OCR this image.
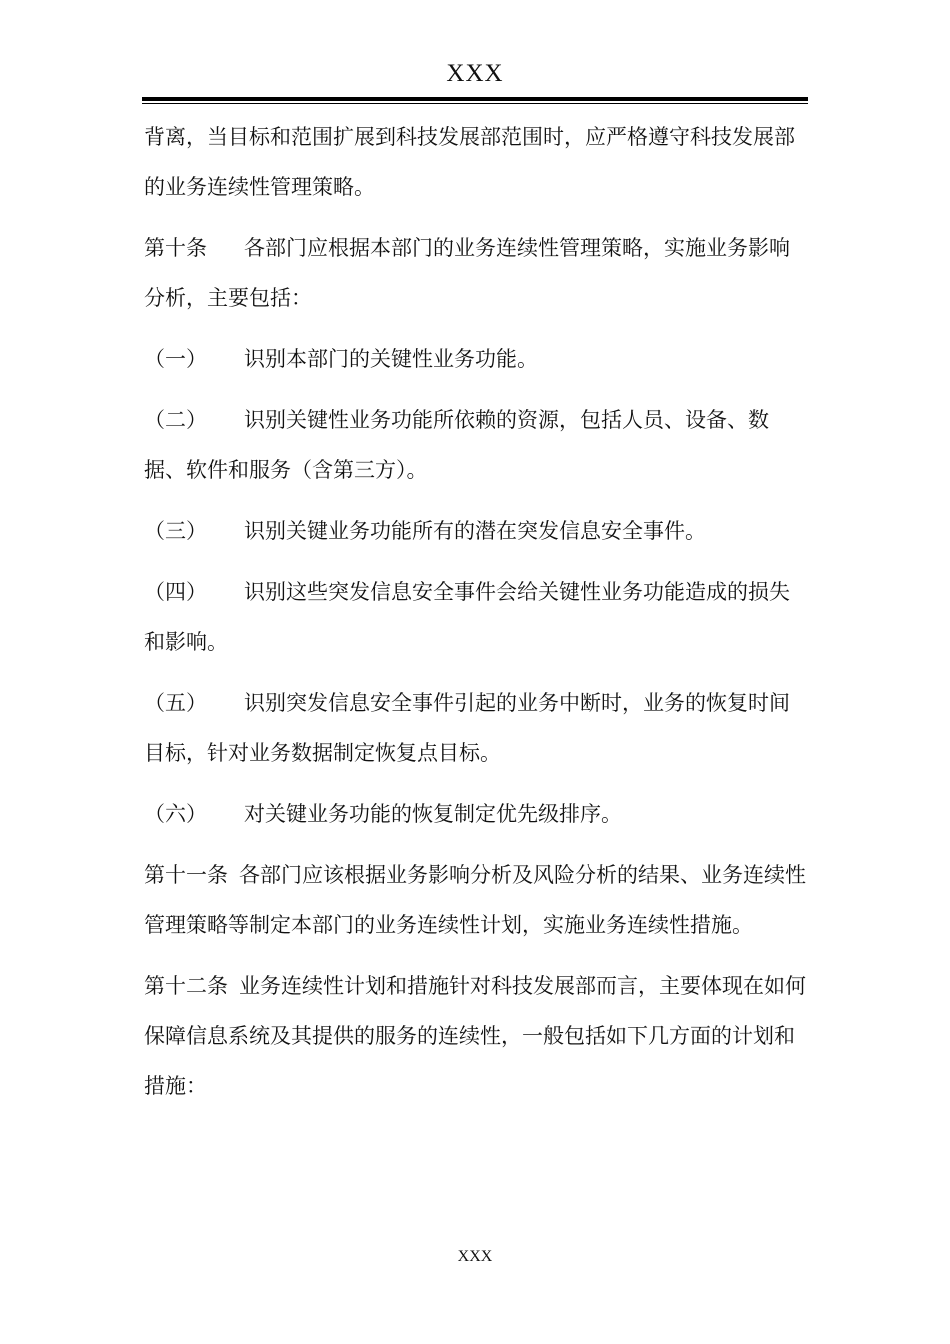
XXX

背离，当目标和范围扩展到科技发展部范围时，应严格遵守科技发展部的业务连续性管理策略。

第十条 各部门应根据本部门的业务连续性管理策略，实施业务影响分析，主要包括：

（一） 识别本部门的关键性业务功能。

（二） 识别关键性业务功能所依赖的资源，包括人员、设备、数据、软件和服务（含第三方）。

（三） 识别关键业务功能所有的潜在突发信息安全事件。

（四） 识别这些突发信息安全事件会给关键性业务功能造成的损失和影响。

（五） 识别突发信息安全事件引起的业务中断时，业务的恢复时间目标，针对业务数据制定恢复点目标。

（六） 对关键业务功能的恢复制定优先级排序。

第十一条 各部门应该根据业务影响分析及风险分析的结果、业务连续性管理策略等制定本部门的业务连续性计划，实施业务连续性措施。

第十二条 业务连续性计划和措施针对科技发展部而言，主要体现在如何保障信息系统及其提供的服务的连续性，一般包括如下几方面的计划和措施：

XXX
